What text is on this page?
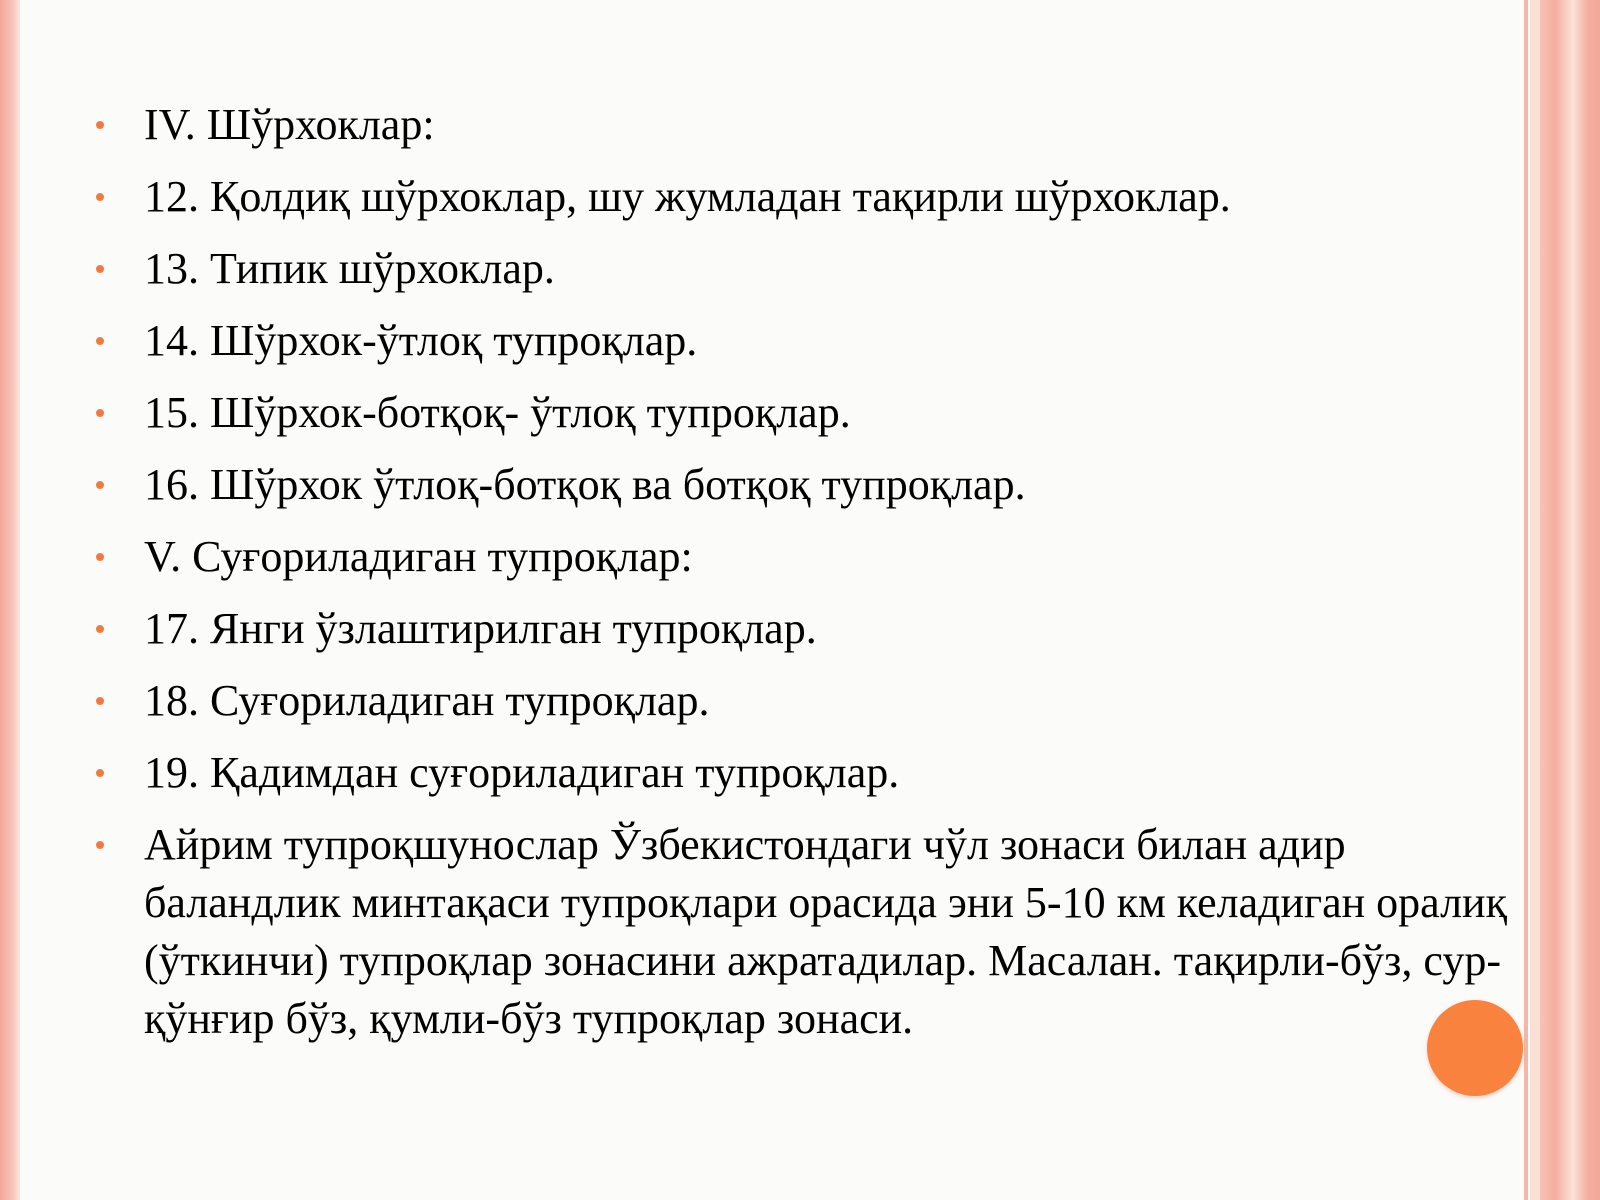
IV. Шўрхоклар:
12. Қолдиқ шўрхоклар, шу жумладан тақирли шўрхоклар.
13. Типик шўрхоклар.
14. Шўрхок-ўтлоқ тупроқлар.
15. Шўрхок-ботқоқ- ўтлоқ тупроқлар.
16. Шўрхок ўтлоқ-ботқоқ ва ботқоқ тупроқлар.
V. Суғориладиган тупроқлар:
17. Янги ўзлаштирилган тупроқлар.
18. Суғориладиган тупроқлар.
19. Қадимдан суғориладиган тупроқлар.
Айрим тупроқшунослар Ўзбекистондаги чўл зонаси билан адир баландлик минтақаси тупроқлари орасида эни 5-10 км келадиган оралиқ (ўткинчи) тупроқлар зонасини ажратадилар. Масалан. тақирли-бўз, сур-қўнғир бўз, қумли-бўз тупроқлар зонаси.
